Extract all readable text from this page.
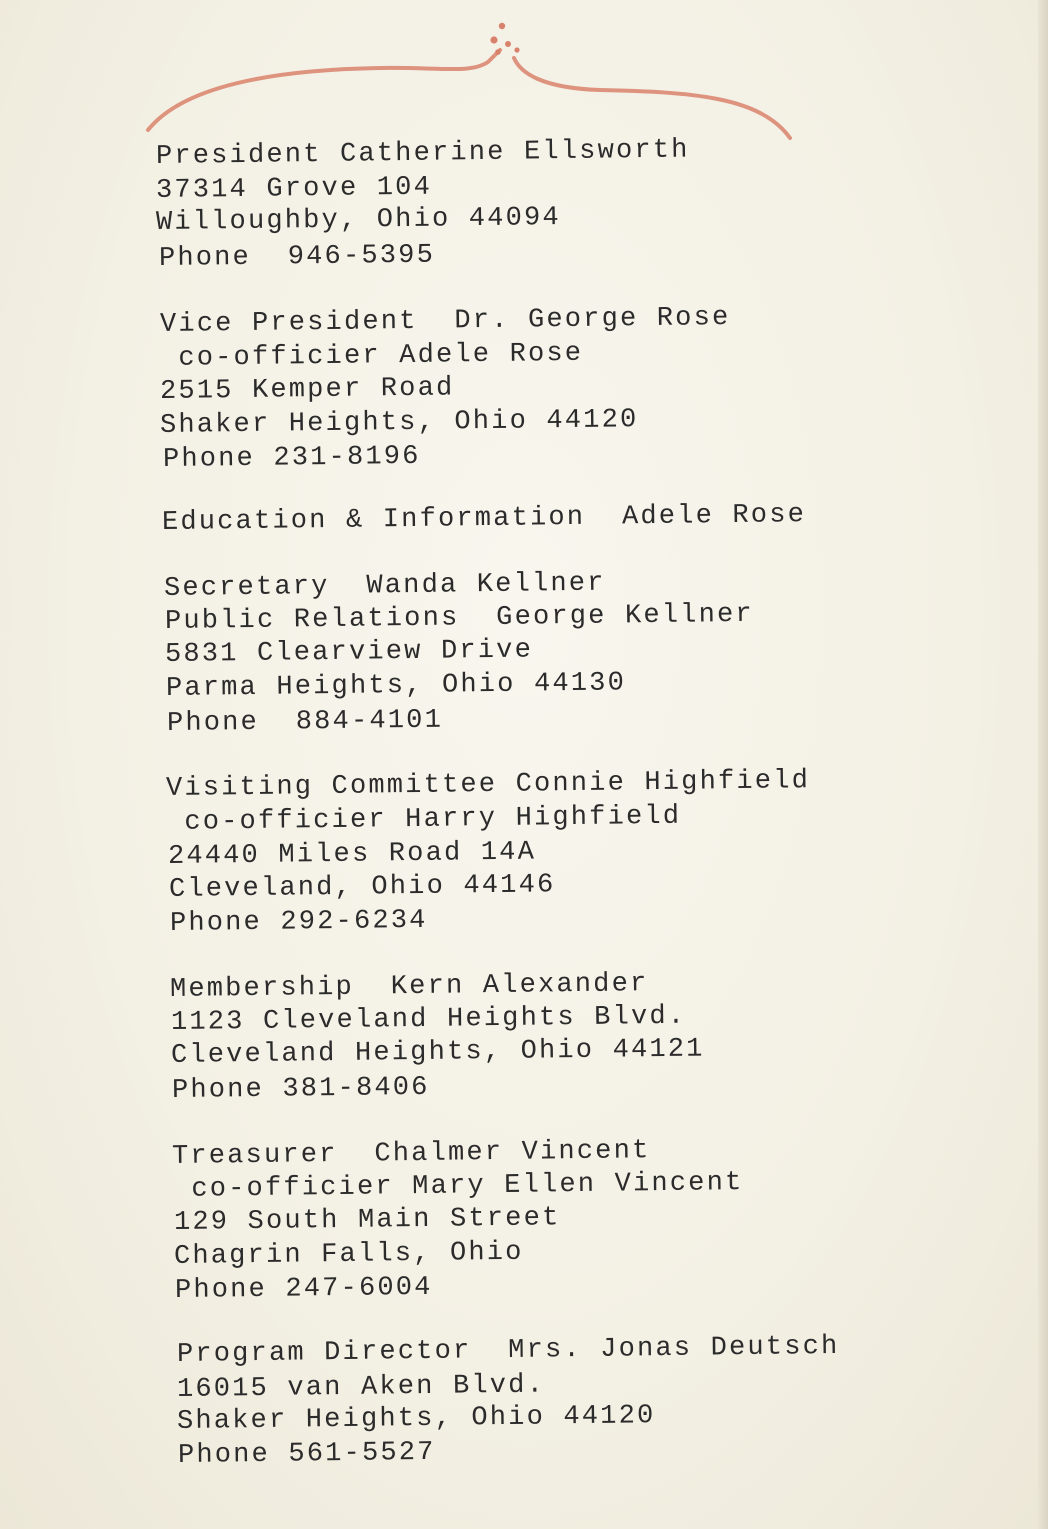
President Catherine Ellsworth
37314 Grove 104
Willoughby, Ohio 44094
Phone  946-5395
Vice President  Dr. George Rose
co-officier Adele Rose
2515 Kemper Road
Shaker Heights, Ohio 44120
Phone 231-8196
Education & Information  Adele Rose
Secretary  Wanda Kellner
Public Relations  George Kellner
5831 Clearview Drive
Parma Heights, Ohio 44130
Phone  884-4101
Visiting Committee Connie Highfield
co-officier Harry Highfield
24440 Miles Road 14A
Cleveland, Ohio 44146
Phone 292-6234
Membership  Kern Alexander
1123 Cleveland Heights Blvd.
Cleveland Heights, Ohio 44121
Phone 381-8406
Treasurer  Chalmer Vincent
co-officier Mary Ellen Vincent
129 South Main Street
Chagrin Falls, Ohio
Phone 247-6004
Program Director  Mrs. Jonas Deutsch
16015 van Aken Blvd.
Shaker Heights, Ohio 44120
Phone 561-5527
